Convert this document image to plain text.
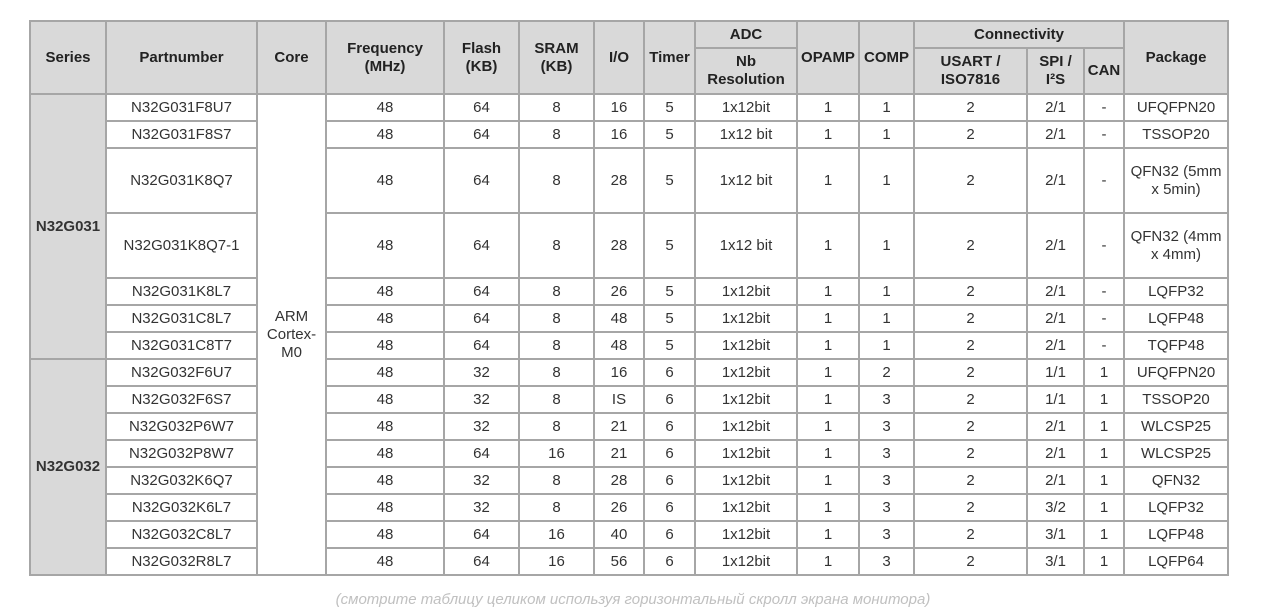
Series	Partnumber	Core	Frequency (MHz)	Flash (KB)	SRAM (KB)	I/O	Timer	ADC	OPAMP	COMP	Connectivity			Package
								Nb Resolution			USART / ISO7816	SPI / I²S	CAN	
N32G031	N32G031F8U7	ARM Cortex-M0	48	64	8	16	5	1x12bit	1	1	2	2/1	-	UFQFPN20
	N32G031F8S7		48	64	8	16	5	1x12 bit	1	1	2	2/1	-	TSSOP20
	N32G031K8Q7		48	64	8	28	5	1x12 bit	1	1	2	2/1	-	QFN32 (5mm x 5min)
	N32G031K8Q7-1		48	64	8	28	5	1x12 bit	1	1	2	2/1	-	QFN32 (4mm x 4mm)
	N32G031K8L7		48	64	8	26	5	1x12bit	1	1	2	2/1	-	LQFP32
	N32G031C8L7		48	64	8	48	5	1x12bit	1	1	2	2/1	-	LQFP48
	N32G031C8T7		48	64	8	48	5	1x12bit	1	1	2	2/1	-	TQFP48
N32G032	N32G032F6U7		48	32	8	16	6	1x12bit	1	2	2	1/1	1	UFQFPN20
	N32G032F6S7		48	32	8	IS	6	1x12bit	1	3	2	1/1	1	TSSOP20
	N32G032P6W7		48	32	8	21	6	1x12bit	1	3	2	2/1	1	WLCSP25
	N32G032P8W7		48	64	16	21	6	1x12bit	1	3	2	2/1	1	WLCSP25
	N32G032K6Q7		48	32	8	28	6	1x12bit	1	3	2	2/1	1	QFN32
	N32G032K6L7		48	32	8	26	6	1x12bit	1	3	2	3/2	1	LQFP32
	N32G032C8L7		48	64	16	40	6	1x12bit	1	3	2	3/1	1	LQFP48
	N32G032R8L7		48	64	16	56	6	1x12bit	1	3	2	3/1	1	LQFP64
(смотрите таблицу целиком используя горизонтальный скролл экрана монитора)
